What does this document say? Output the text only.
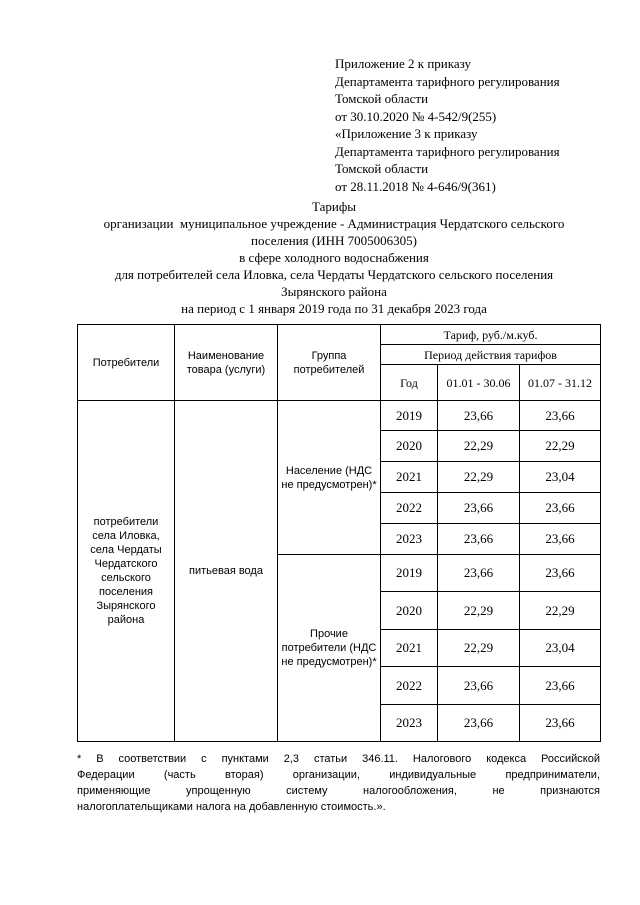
Приложение 2 к приказу
Департамента тарифного регулирования
Томской области
от 30.10.2020 № 4-542/9(255)
«Приложение 3 к приказу
Департамента тарифного регулирования
Томской области
от 28.11.2018 № 4-646/9(361)
Тарифы
организации  муниципальное учреждение - Администрация Чердатского сельского
поселения (ИНН 7005006305)
в сфере холодного водоснабжения
для потребителей села Иловка, села Чердаты Чердатского сельского поселения
Зырянского района
на период с 1 января 2019 года по 31 декабря 2023 года
Потребители	Наименование товара (услуги)	Группа потребителей	Тариф, руб./м.куб.		
			Период действия тарифов		
			Год	01.01 - 30.06	01.07 - 31.12
потребители села Иловка, села Чердаты Чердатского сельского поселения Зырянского района	питьевая вода	Население (НДС не предусмотрен)*	2019	23,66	23,66
			2020	22,29	22,29
			2021	22,29	23,04
			2022	23,66	23,66
			2023	23,66	23,66
		Прочие потребители (НДС не предусмотрен)*	2019	23,66	23,66
			2020	22,29	22,29
			2021	22,29	23,04
			2022	23,66	23,66
			2023	23,66	23,66
* В соответствии с пунктами 2,3 статьи 346.11. Налогового кодекса Российской
Федерации (часть вторая) организации, индивидуальные предприниматели,
применяющие упрощенную систему налогообложения, не признаются
налогоплательщиками налога на добавленную стоимость.».
